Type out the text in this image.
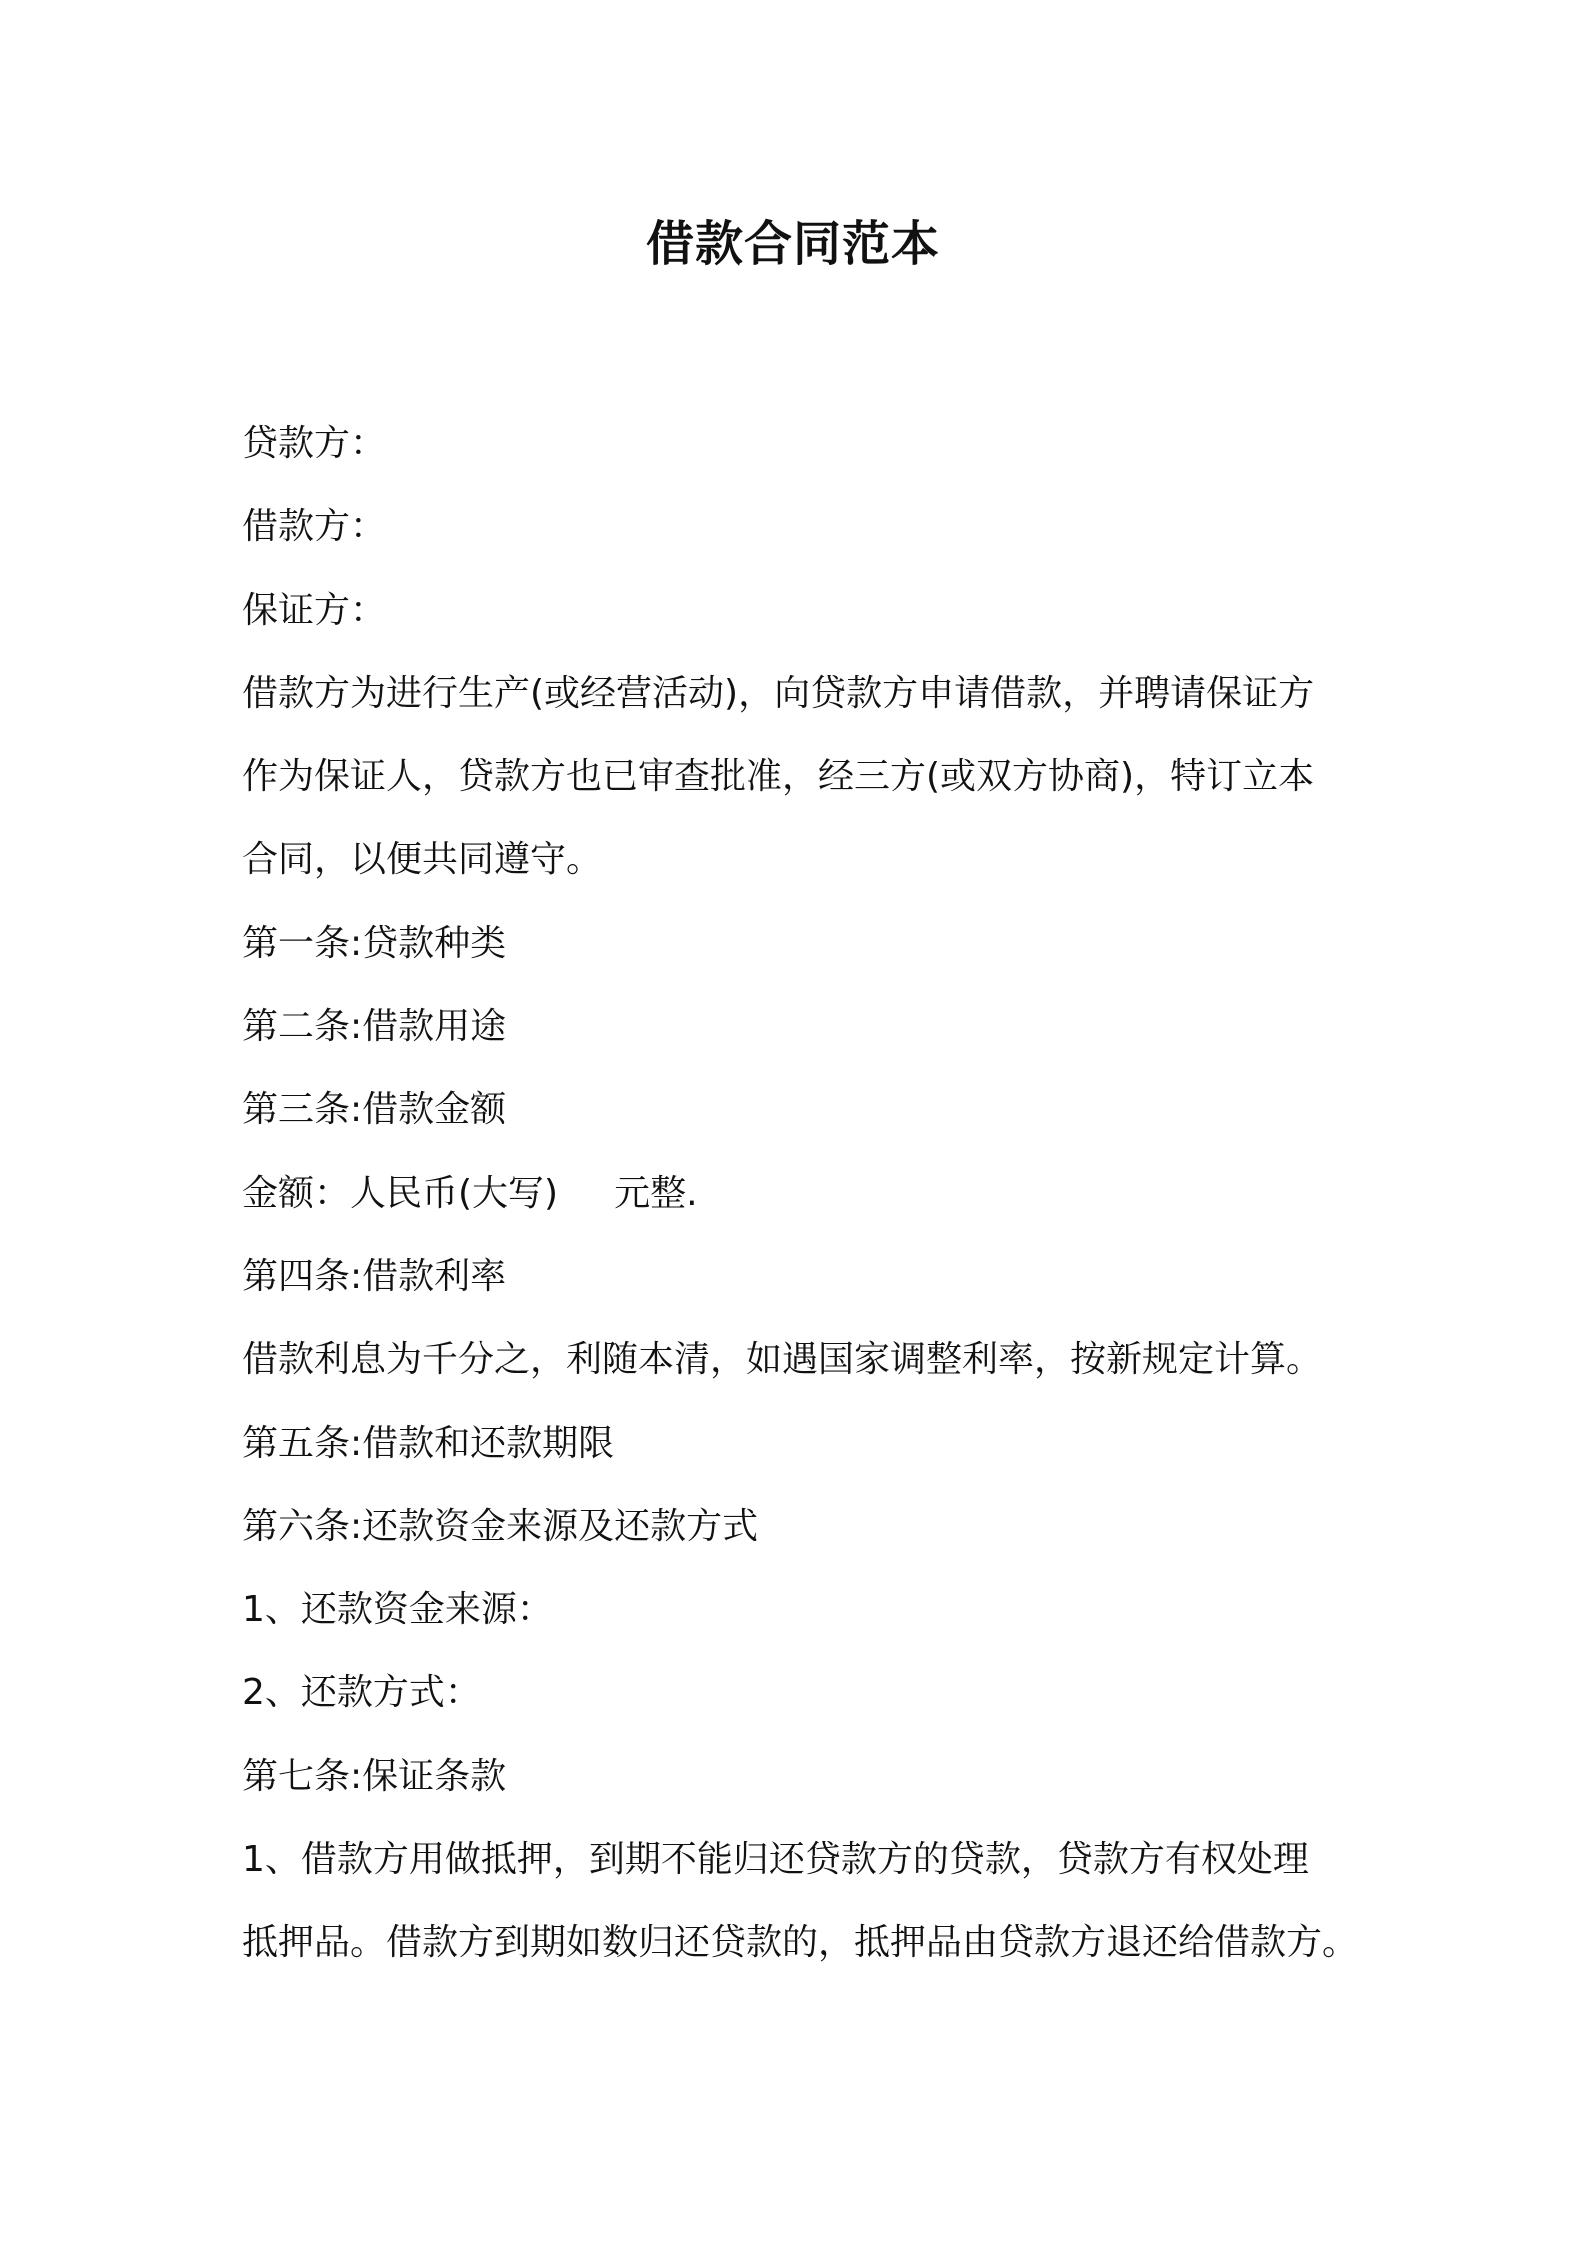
借款合同范本

贷款方：

借款方：

保证方：

借款方为进行生产(或经营活动)，向贷款方申请借款，并聘请保证方

作为保证人，贷款方也已审查批准，经三方(或双方协商)，特订立本

合同，以便共同遵守。

第一条:贷款种类

第二条:借款用途

第三条:借款金额

金额：人民币(大写) 元整.

第四条:借款利率

借款利息为千分之，利随本清，如遇国家调整利率，按新规定计算。

第五条:借款和还款期限

第六条:还款资金来源及还款方式

1、还款资金来源：

2、还款方式：

第七条:保证条款

1、借款方用做抵押，到期不能归还贷款方的贷款，贷款方有权处理

抵押品。借款方到期如数归还贷款的，抵押品由贷款方退还给借款方。
